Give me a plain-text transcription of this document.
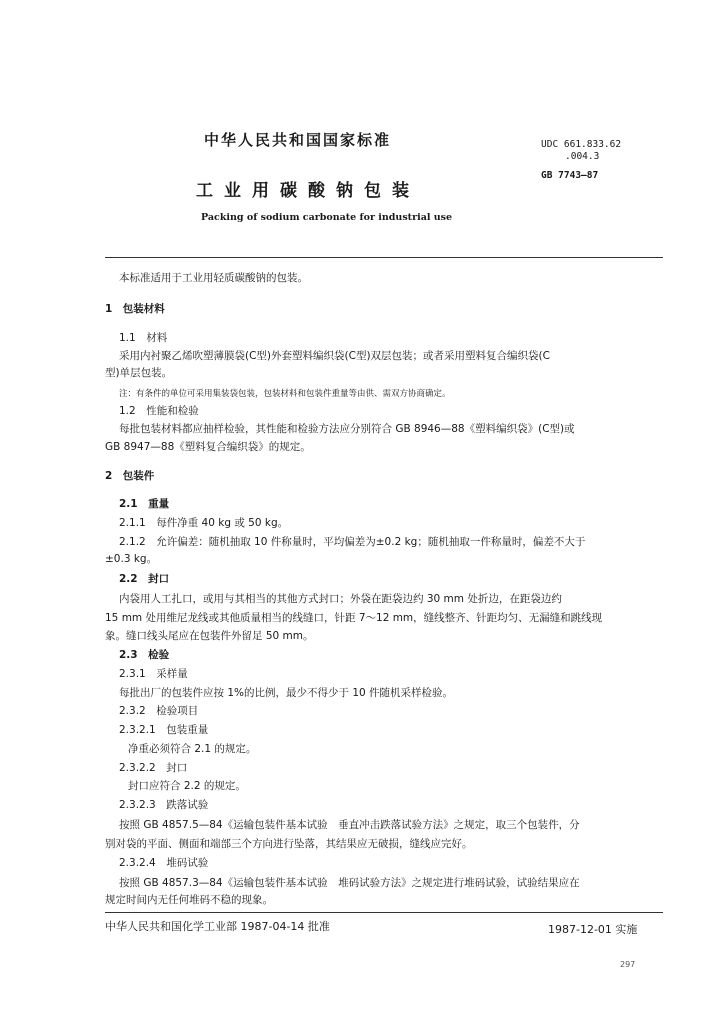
中华人民共和国国家标准	UDC 661.833.62
.004.3
GB 7743—87
工业用碳酸钠包装
Packing of sodium carbonate for industrial use
本标准适用于工业用轻质碳酸钠的包装。
1　包装材料
1.1　材料
采用内衬聚乙烯吹塑薄膜袋(C型)外套塑料编织袋(C型)双层包装；或者采用塑料复合编织袋(C
型)单层包装。
注：有条件的单位可采用集装袋包装，包装材料和包装件重量等由供、需双方协商确定。
1.2　性能和检验
每批包装材料都应抽样检验，其性能和检验方法应分别符合 GB 8946—88《塑料编织袋》(C型)或
GB 8947—88《塑料复合编织袋》的规定。
2　包装件
2.1　重量
2.1.1　每件净重 40 kg 或 50 kg。
2.1.2　允许偏差：随机抽取 10 件称量时，平均偏差为±0.2 kg；随机抽取一件称量时，偏差不大于
±0.3 kg。
2.2　封口
内袋用人工扎口，或用与其相当的其他方式封口；外袋在距袋边约 30 mm 处折边，在距袋边约
15 mm 处用维尼龙线或其他质量相当的线缝口，针距 7～12 mm，缝线整齐、针距均匀、无漏缝和跳线现
象。缝口线头尾应在包装件外留足 50 mm。
2.3　检验
2.3.1　采样量
每批出厂的包装件应按 1%的比例，最少不得少于 10 件随机采样检验。
2.3.2　检验项目
2.3.2.1　包装重量
净重必须符合 2.1 的规定。
2.3.2.2　封口
封口应符合 2.2 的规定。
2.3.2.3　跌落试验
按照 GB 4857.5—84《运输包装件基本试验　垂直冲击跌落试验方法》之规定，取三个包装件，分
别对袋的平面、侧面和端部三个方向进行坠落，其结果应无破损，缝线应完好。
2.3.2.4　堆码试验
按照 GB 4857.3—84《运输包装件基本试验　堆码试验方法》之规定进行堆码试验，试验结果应在
规定时间内无任何堆码不稳的现象。
中华人民共和国化学工业部 1987-04-14 批准	1987-12-01 实施
297
